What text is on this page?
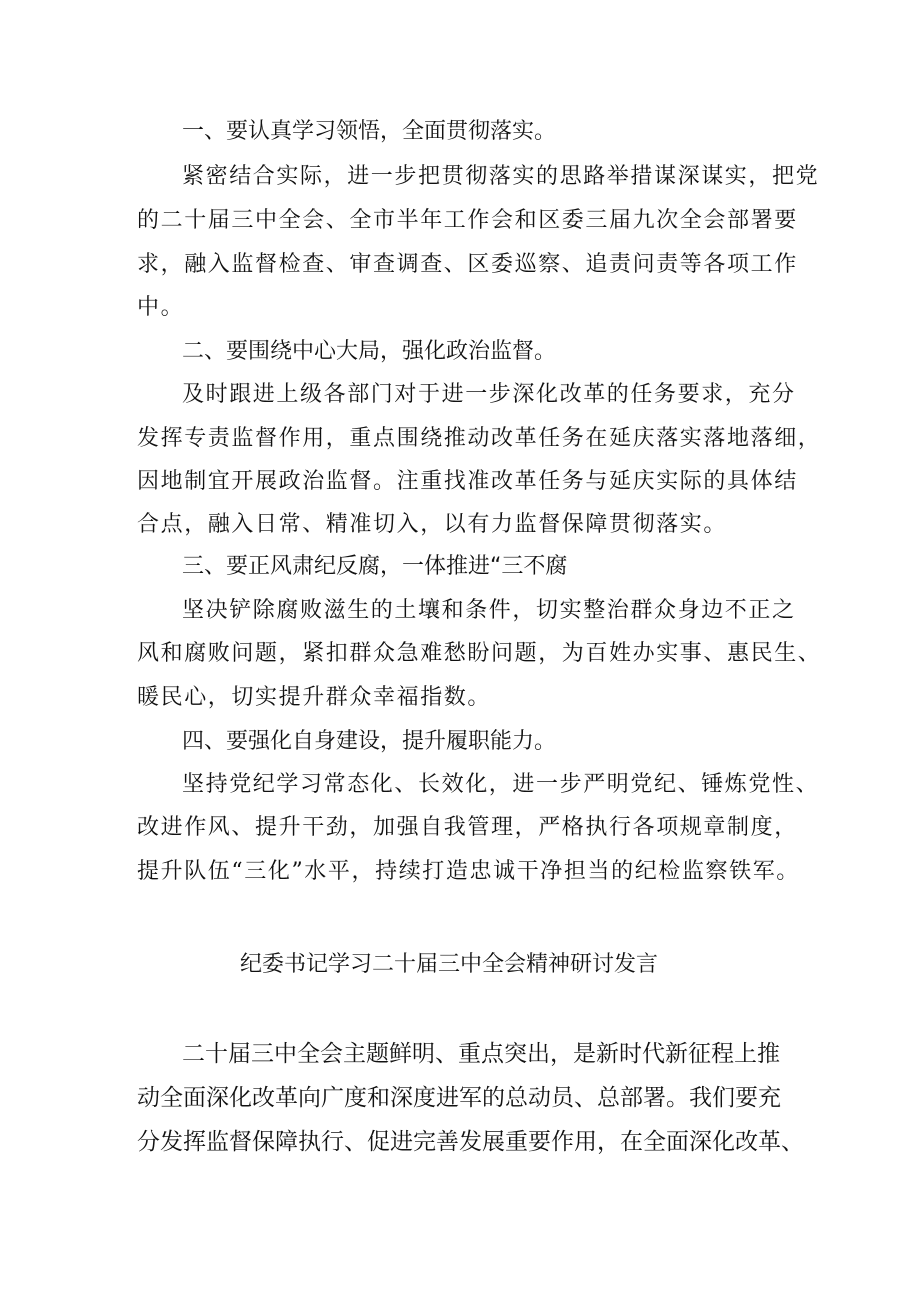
一、要认真学习领悟，全面贯彻落实。
紧密结合实际，进一步把贯彻落实的思路举措谋深谋实，把党
的二十届三中全会、全市半年工作会和区委三届九次全会部署要
求，融入监督检查、审查调查、区委巡察、追责问责等各项工作
中。
二、要围绕中心大局，强化政治监督。
及时跟进上级各部门对于进一步深化改革的任务要求，充分
发挥专责监督作用，重点围绕推动改革任务在延庆落实落地落细，
因地制宜开展政治监督。注重找准改革任务与延庆实际的具体结
合点，融入日常、精准切入，以有力监督保障贯彻落实。
三、要正风肃纪反腐，一体推进“三不腐
坚决铲除腐败滋生的土壤和条件，切实整治群众身边不正之
风和腐败问题，紧扣群众急难愁盼问题，为百姓办实事、惠民生、
暖民心，切实提升群众幸福指数。
四、要强化自身建设，提升履职能力。
坚持党纪学习常态化、长效化，进一步严明党纪、锤炼党性、
改进作风、提升干劲，加强自我管理，严格执行各项规章制度，
提升队伍“三化”水平，持续打造忠诚干净担当的纪检监察铁军。
纪委书记学习二十届三中全会精神研讨发言
二十届三中全会主题鲜明、重点突出，是新时代新征程上推
动全面深化改革向广度和深度进军的总动员、总部署。我们要充
分发挥监督保障执行、促进完善发展重要作用，在全面深化改革、
